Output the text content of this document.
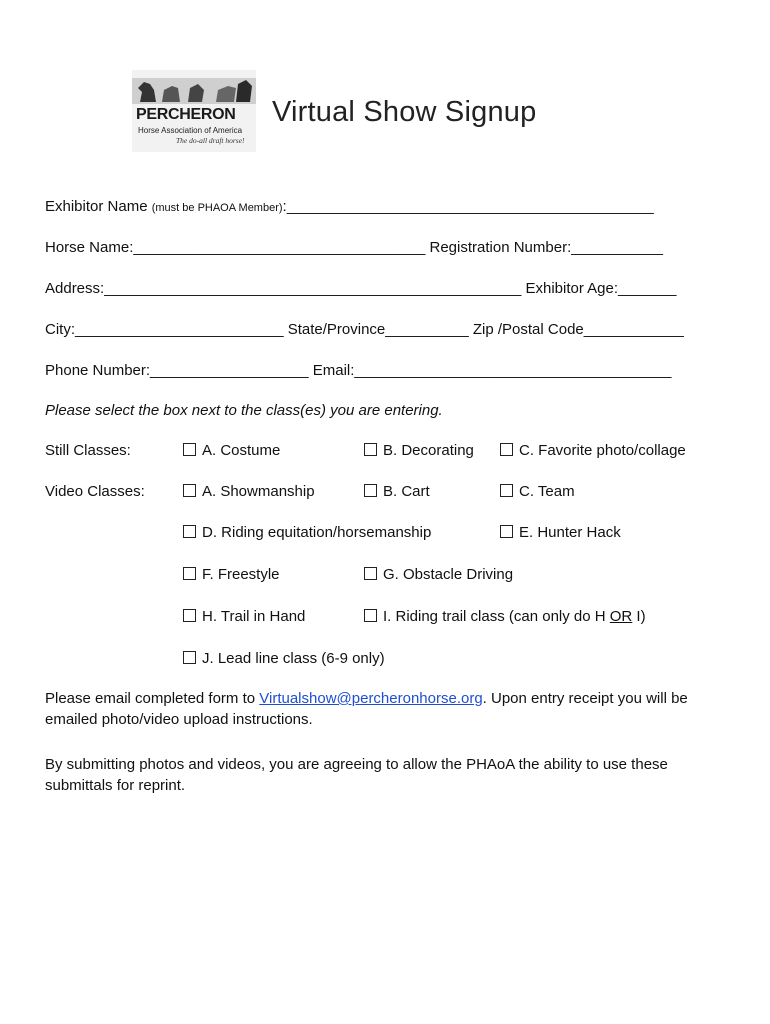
PERCHERON
Horse Association of America
The do-all draft horse!
Virtual Show Signup
Exhibitor Name (must be PHAOA Member):____________________________________________
Horse Name:___________________________________ Registration Number:___________
Address:__________________________________________________ Exhibitor Age:_______
City:_________________________ State/Province__________ Zip /Postal Code____________
Phone Number:___________________ Email:______________________________________
Please select the box next to the class(es) you are entering.
Still Classes:	A. Costume	B. Decorating	C. Favorite photo/collage
Video Classes:	A. Showmanship	B. Cart	C. Team
D. Riding equitation/horsemanship	E. Hunter Hack
F. Freestyle	G. Obstacle Driving
H. Trail in Hand	I. Riding trail class (can only do H OR I)
J. Lead line class (6-9 only)
Please email completed form to Virtualshow@percheronhorse.org. Upon entry receipt you will be emailed photo/video upload instructions.
By submitting photos and videos, you are agreeing to allow the PHAoA the ability to use these submittals for reprint.
